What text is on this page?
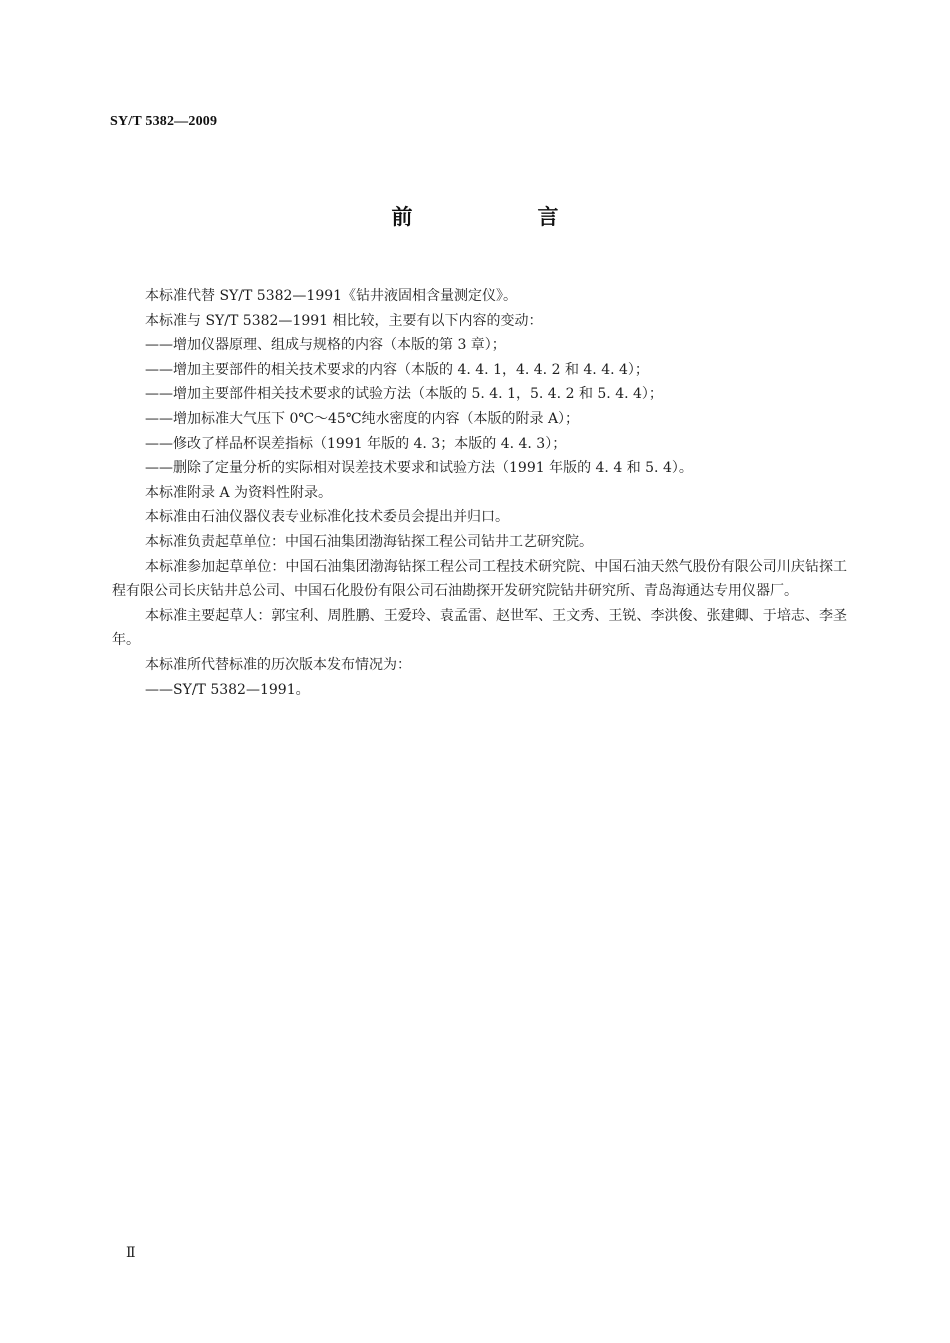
SY/T 5382—2009
前　言

本标准代替 SY/T 5382—1991《钻井液固相含量测定仪》。

本标准与 SY/T 5382—1991 相比较，主要有以下内容的变动：

——增加仪器原理、组成与规格的内容（本版的第 3 章）；

——增加主要部件的相关技术要求的内容（本版的 4. 4. 1，4. 4. 2 和 4. 4. 4）；

——增加主要部件相关技术要求的试验方法（本版的 5. 4. 1，5. 4. 2 和 5. 4. 4）；

——增加标准大气压下 0℃～45℃纯水密度的内容（本版的附录 A）；

——修改了样品杯误差指标（1991 年版的 4. 3；本版的 4. 4. 3）；

——删除了定量分析的实际相对误差技术要求和试验方法（1991 年版的 4. 4 和 5. 4）。

本标准附录 A 为资料性附录。

本标准由石油仪器仪表专业标准化技术委员会提出并归口。

本标准负责起草单位：中国石油集团渤海钻探工程公司钻井工艺研究院。

本标准参加起草单位：中国石油集团渤海钻探工程公司工程技术研究院、中国石油天然气股份有限公司川庆钻探工程有限公司长庆钻井总公司、中国石化股份有限公司石油勘探开发研究院钻井研究所、青岛海通达专用仪器厂。

本标准主要起草人：郭宝利、周胜鹏、王爱玲、袁孟雷、赵世军、王文秀、王锐、李洪俊、张建卿、于培志、李圣年。

本标准所代替标准的历次版本发布情况为：

——SY/T 5382—1991。

Ⅱ
